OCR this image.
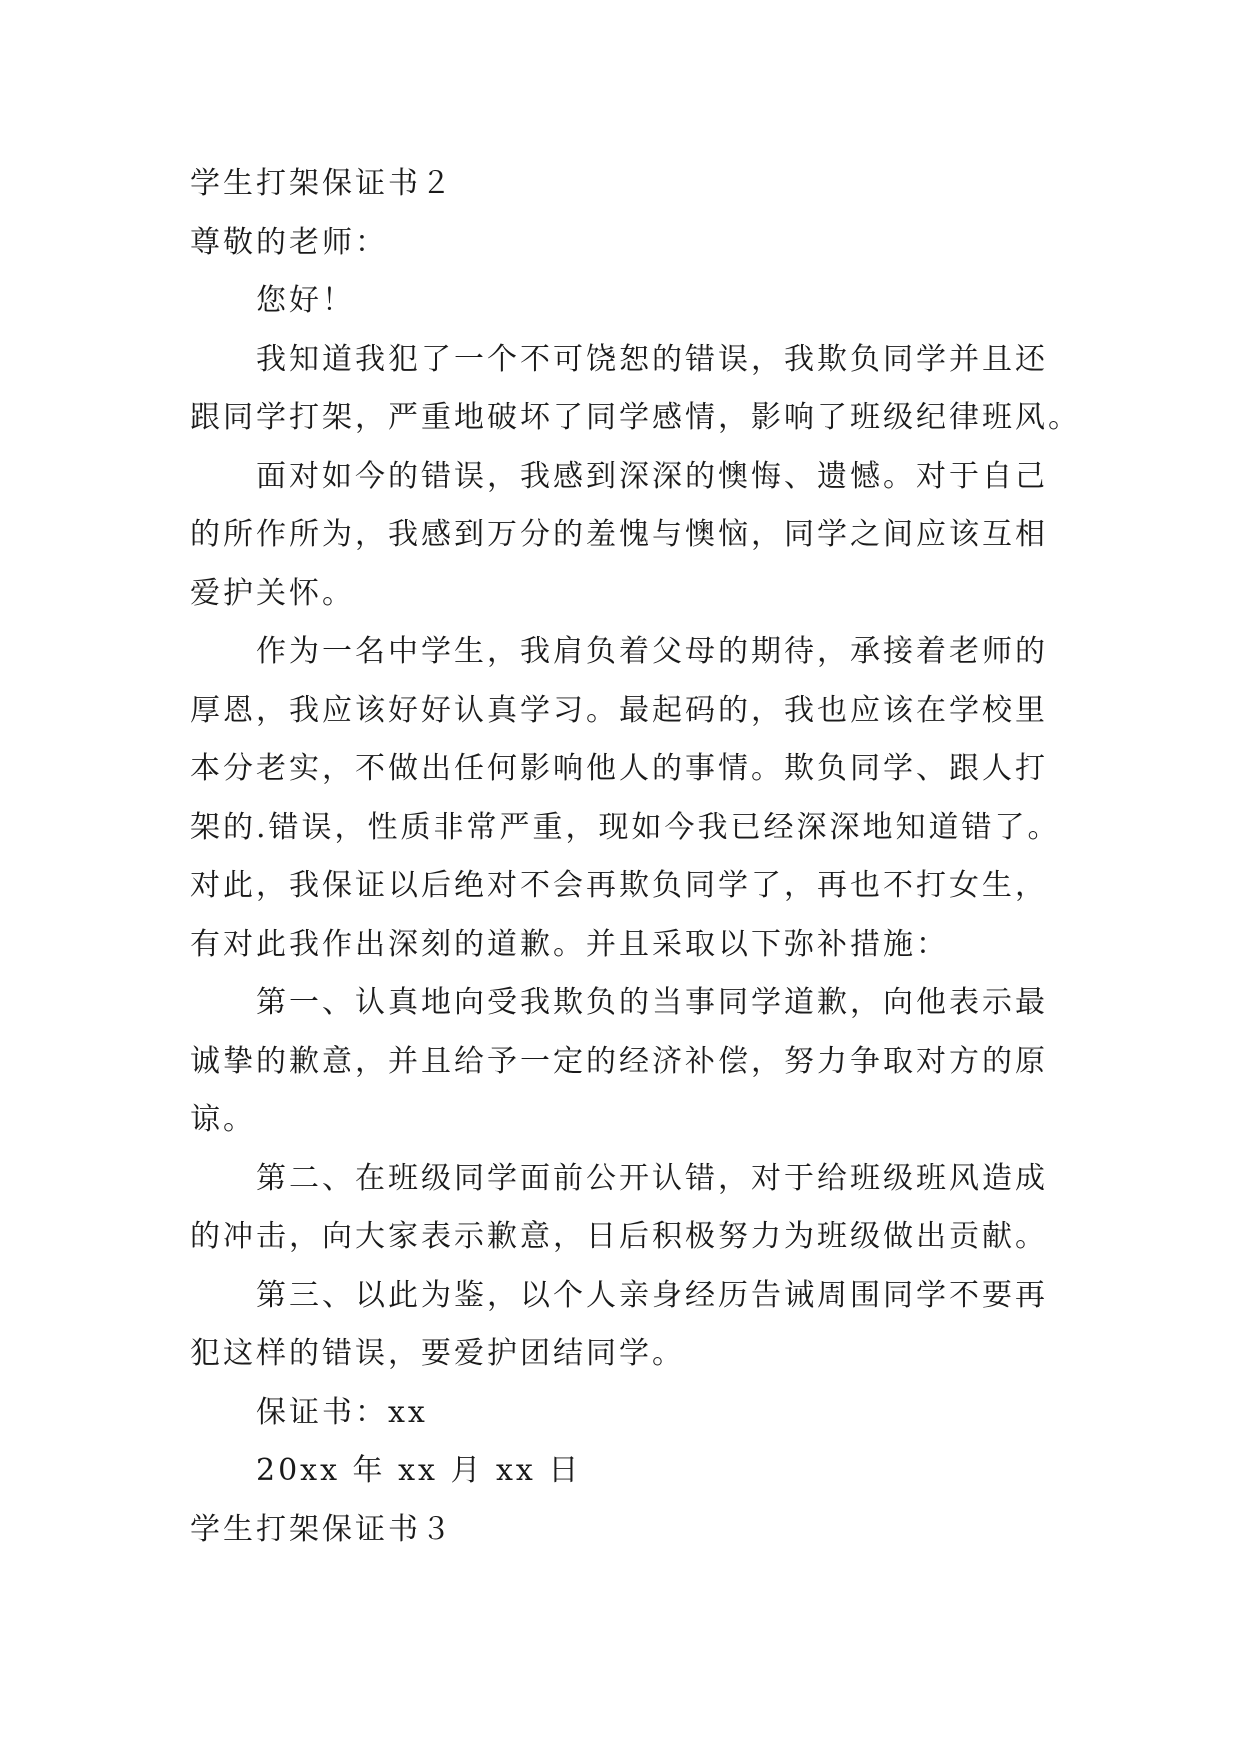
学生打架保证书２
尊敬的老师：
您好！
我知道我犯了一个不可饶恕的错误，我欺负同学并且还
跟同学打架，严重地破坏了同学感情，影响了班级纪律班风。
面对如今的错误，我感到深深的懊悔、遗憾。对于自己
的所作所为，我感到万分的羞愧与懊恼，同学之间应该互相
爱护关怀。
作为一名中学生，我肩负着父母的期待，承接着老师的
厚恩，我应该好好认真学习。最起码的，我也应该在学校里
本分老实，不做出任何影响他人的事情。欺负同学、跟人打
架的.错误，性质非常严重，现如今我已经深深地知道错了。
对此，我保证以后绝对不会再欺负同学了，再也不打女生，
有对此我作出深刻的道歉。并且采取以下弥补措施：
第一、认真地向受我欺负的当事同学道歉，向他表示最
诚挚的歉意，并且给予一定的经济补偿，努力争取对方的原
谅。
第二、在班级同学面前公开认错，对于给班级班风造成
的冲击，向大家表示歉意，日后积极努力为班级做出贡献。
第三、以此为鉴，以个人亲身经历告诫周围同学不要再
犯这样的错误，要爱护团结同学。
保证书：xx
20xx 年 xx 月 xx 日
学生打架保证书３
